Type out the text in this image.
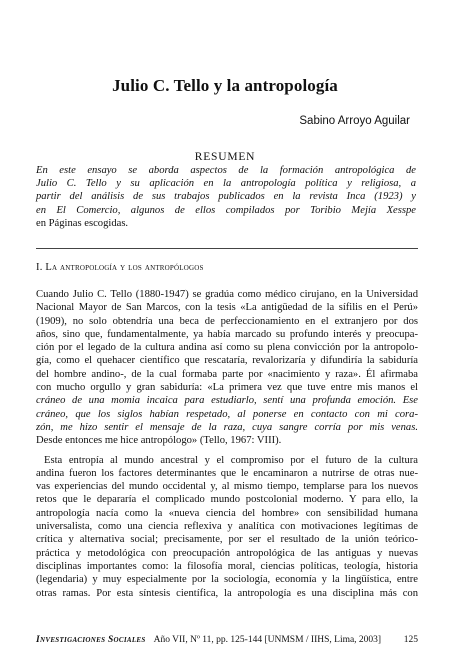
Julio C. Tello y la antropología
Sabino Arroyo Aguilar
RESUMEN
En este ensayo se aborda aspectos de la formación antropológica de
Julio C. Tello y su aplicación en la antropología política y religiosa, a
partir del análisis de sus trabajos publicados en la revista Inca (1923) y
en El Comercio, algunos de ellos compilados por Toribio Mejía Xesspe
en Páginas escogidas.
I. La antropología y los antropólogos
Cuando Julio C. Tello (1880-1947) se gradúa como médico cirujano, en la Universidad
Nacional Mayor de San Marcos, con la tesis «La antigüedad de la sífilis en el Perú»
(1909), no solo obtendría una beca de perfeccionamiento en el extranjero por dos
años, sino que, fundamentalmente, ya había marcado su profundo interés y preocupa-
ción por el legado de la cultura andina así como su plena convicción por la antropolo-
gía, como el quehacer científico que rescataría, revalorizaría y difundiría la sabiduría
del hombre andino-, de la cual formaba parte por «nacimiento y raza». Él afirmaba
con mucho orgullo y gran sabiduría: «La primera vez que tuve entre mis manos el
cráneo de una momia incaica para estudiarlo, sentí una profunda emoción. Ese
cráneo, que los siglos habían respetado, al ponerse en contacto con mi cora-
zón, me hizo sentir el mensaje de la raza, cuya sangre corría por mis venas.
Desde entonces me hice antropólogo» (Tello, 1967: VIII).
Esta entropía al mundo ancestral y el compromiso por el futuro de la cultura
andina fueron los factores determinantes que le encaminaron a nutrirse de otras nue-
vas experiencias del mundo occidental y, al mismo tiempo, templarse para los nuevos
retos que le depararía el complicado mundo postcolonial moderno. Y para ello, la
antropología nacía como la «nueva ciencia del hombre» con sensibilidad humana
universalista, como una ciencia reflexiva y analítica con motivaciones legítimas de
crítica y alternativa social; precisamente, por ser el resultado de la unión teórico-
práctica y metodológica con preocupación antropológica de las antiguas y nuevas
disciplinas importantes como: la filosofía moral, ciencias políticas, teología, historia
(legendaria) y muy especialmente por la sociología, economía y la lingüística, entre
otras ramas. Por esta síntesis científica, la antropología es una disciplina más con
Investigaciones Sociales Año VII, Nº 11, pp. 125-144 [UNMSM / IIHS, Lima, 2003]	125
